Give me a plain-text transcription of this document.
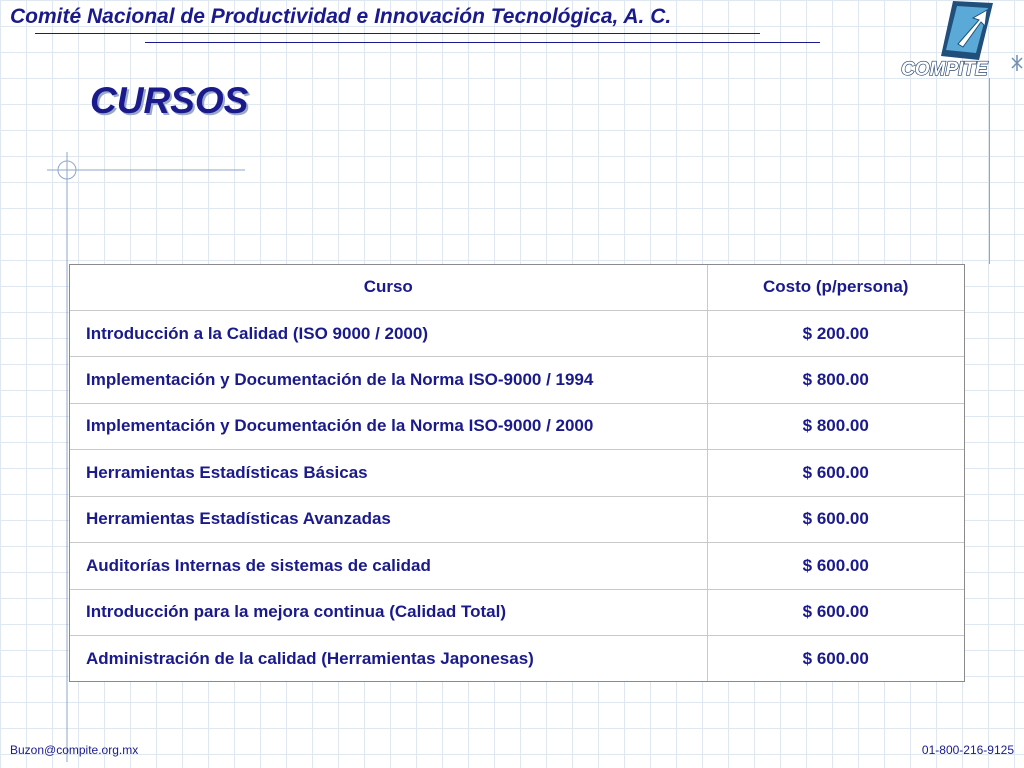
Comité Nacional de Productividad e Innovación Tecnológica, A. C.
COMPITE
CURSOS
Curso	Costo (p/persona)
Introducción a la Calidad (ISO 9000 / 2000)	$ 200.00
Implementación y Documentación de la Norma ISO-9000 / 1994	$ 800.00
Implementación y Documentación de la Norma ISO-9000 / 2000	$ 800.00
Herramientas Estadísticas Básicas	$ 600.00
Herramientas Estadísticas Avanzadas	$ 600.00
Auditorías Internas de sistemas de calidad	$ 600.00
Introducción para la mejora continua (Calidad Total)	$ 600.00
Administración de la calidad (Herramientas Japonesas)	$ 600.00
Buzon@compite.org.mx	01-800-216-9125
